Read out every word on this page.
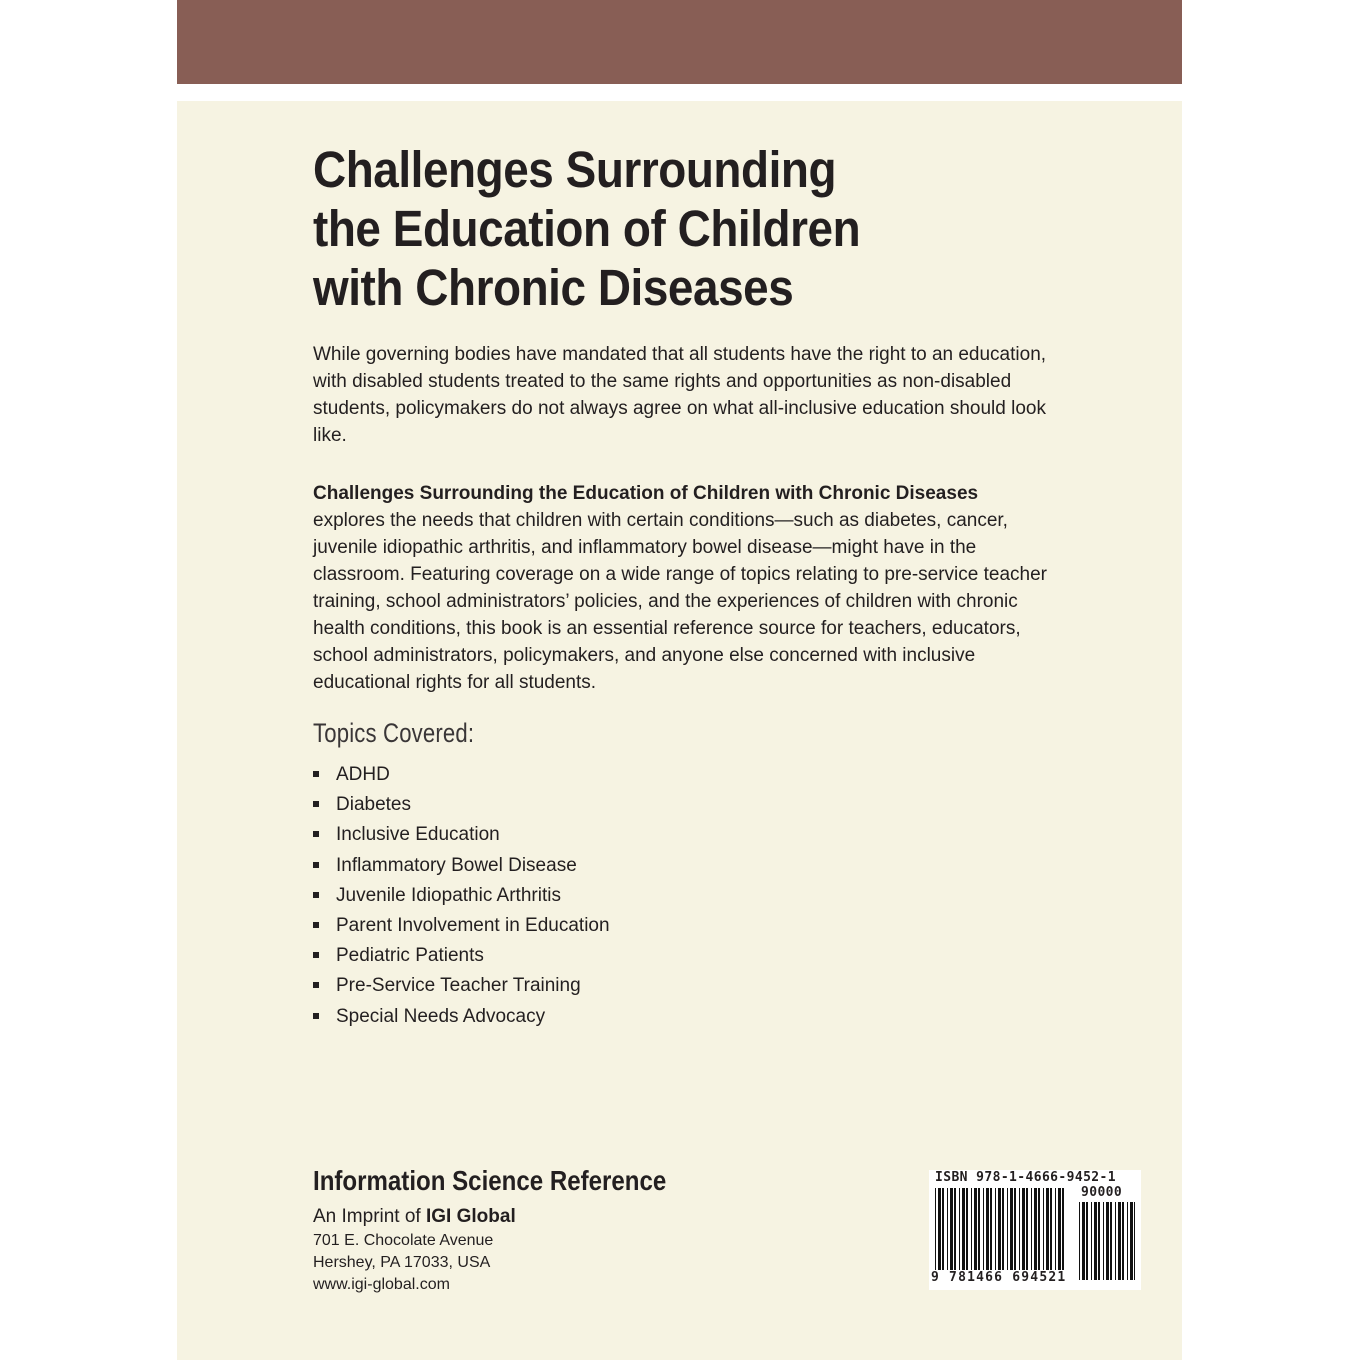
Challenges Surrounding
the Education of Children
with Chronic Diseases

While governing bodies have mandated that all students have the right to an education, with disabled students treated to the same rights and opportunities as non-disabled students, policymakers do not always agree on what all-inclusive education should look like.

Challenges Surrounding the Education of Children with Chronic Diseases
explores the needs that children with certain conditions—such as diabetes, cancer, juvenile idiopathic arthritis, and inflammatory bowel disease—might have in the classroom. Featuring coverage on a wide range of topics relating to pre-service teacher training, school administrators’ policies, and the experiences of children with chronic health conditions, this book is an essential reference source for teachers, educators, school administrators, policymakers, and anyone else concerned with inclusive educational rights for all students.

Topics Covered:
ADHD
Diabetes
Inclusive Education
Inflammatory Bowel Disease
Juvenile Idiopathic Arthritis
Parent Involvement in Education
Pediatric Patients
Pre-Service Teacher Training
Special Needs Advocacy
Information Science Reference
An Imprint of IGI Global
701 E. Chocolate Avenue
Hershey, PA 17033, USA
www.igi-global.com
ISBN 978-1-4666-9452-1
90000
9 781466 694521
